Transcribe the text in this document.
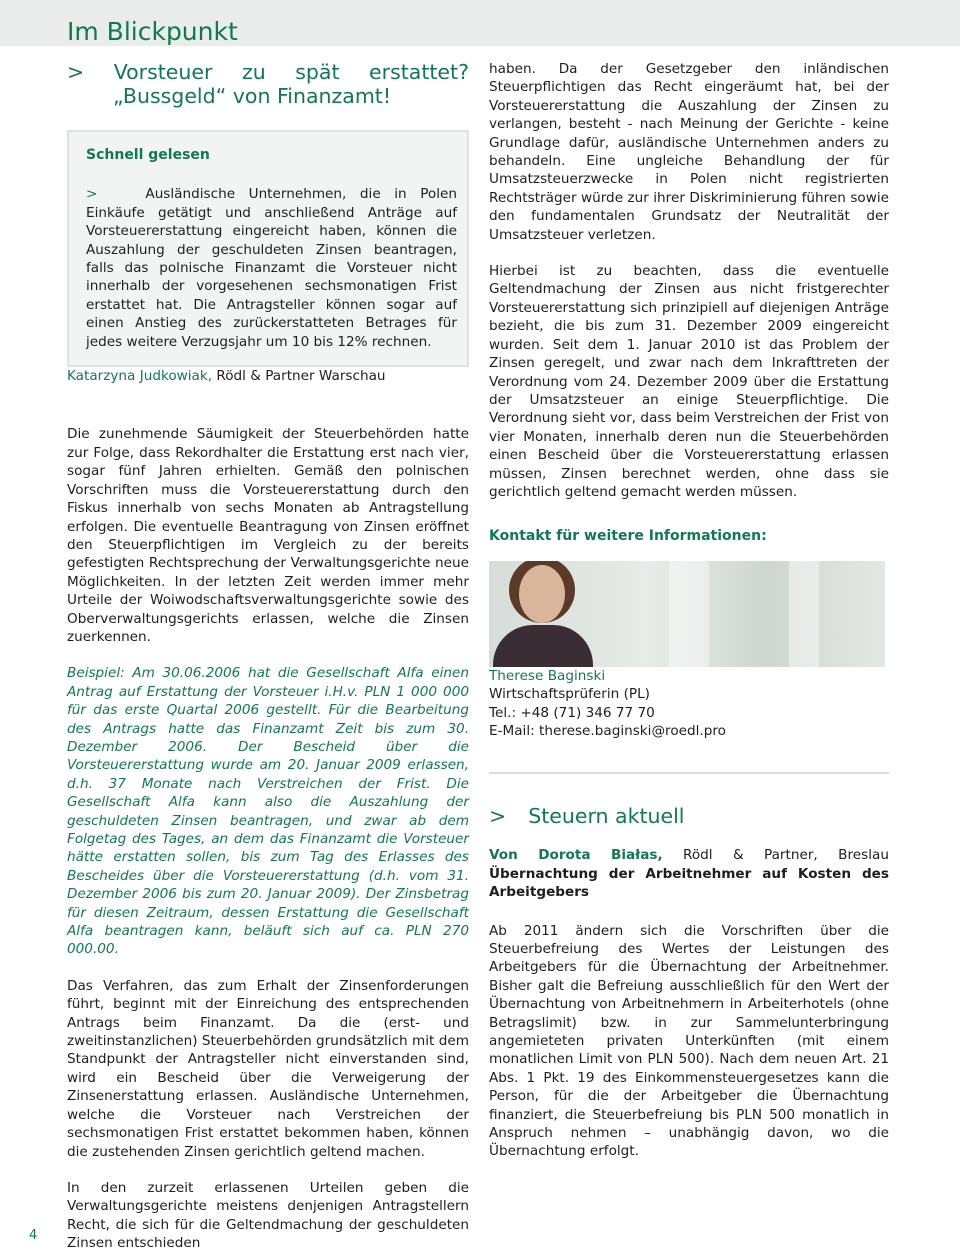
Im Blickpunkt
> Vorsteuer zu spät erstattet?
„Bussgeld“ von Finanzamt!
Schnell gelesen

>	Ausländische Unternehmen, die in Polen Einkäufe getätigt und anschließend Anträge auf Vorsteuererstattung eingereicht haben, können die Auszahlung der geschuldeten Zinsen beantragen, falls das polnische Finanzamt die Vorsteuer nicht innerhalb der vorgesehenen sechsmonatigen Frist erstattet hat. Die Antragsteller können sogar auf einen Anstieg des zurückerstatteten Betrages für jedes weitere Verzugsjahr um 10 bis 12% rechnen.

Katarzyna Judkowiak, Rödl & Partner Warschau

Die zunehmende Säumigkeit der Steuerbehörden hatte zur Folge, dass Rekordhalter die Erstattung erst nach vier, sogar fünf Jahren erhielten. Gemäß den polnischen Vorschriften muss die Vorsteuererstattung durch den Fiskus innerhalb von sechs Monaten ab Antragstellung erfolgen. Die eventuelle Beantragung von Zinsen eröffnet den Steuerpflichtigen im Vergleich zu der bereits gefestigten Rechtsprechung der Verwaltungsgerichte neue Möglichkeiten. In der letzten Zeit werden immer mehr Urteile der Woiwodschaftsverwaltungsgerichte sowie des Oberverwaltungsgerichts erlassen, welche die Zinsen zuerkennen.

Beispiel: Am 30.06.2006 hat die Gesellschaft Alfa einen Antrag auf Erstattung der Vorsteuer i.H.v. PLN 1 000 000 für das erste Quartal 2006 gestellt. Für die Bearbeitung des Antrags hatte das Finanzamt Zeit bis zum 30. Dezember 2006. Der Bescheid über die Vorsteuererstattung wurde am 20. Januar 2009 erlassen, d.h. 37 Monate nach Verstreichen der Frist. Die Gesellschaft Alfa kann also die Auszahlung der geschuldeten Zinsen beantragen, und zwar ab dem Folgetag des Tages, an dem das Finanzamt die Vorsteuer hätte erstatten sollen, bis zum Tag des Erlasses des Bescheides über die Vorsteuererstattung (d.h. vom 31. Dezember 2006 bis zum 20. Januar 2009). Der Zinsbetrag für diesen Zeitraum, dessen Erstattung die Gesellschaft Alfa beantragen kann, beläuft sich auf ca. PLN 270 000.00.

Das Verfahren, das zum Erhalt der Zinsenforderungen führt, beginnt mit der Einreichung des entsprechenden Antrags beim Finanzamt. Da die (erst- und zweitinstanzlichen) Steuerbehörden grundsätzlich mit dem Standpunkt der Antragsteller nicht einverstanden sind, wird ein Bescheid über die Verweigerung der Zinsenerstattung erlassen. Ausländische Unternehmen, welche die Vorsteuer nach Verstreichen der sechsmonatigen Frist erstattet bekommen haben, können die zustehenden Zinsen gerichtlich geltend machen.

In den zurzeit erlassenen Urteilen geben die Verwaltungsgerichte meistens denjenigen Antragstellern Recht, die sich für die Geltendmachung der geschuldeten Zinsen entschieden

haben. Da der Gesetzgeber den inländischen Steuerpflichtigen das Recht eingeräumt hat, bei der Vorsteuererstattung die Auszahlung der Zinsen zu verlangen, besteht - nach Meinung der Gerichte - keine Grundlage dafür, ausländische Unternehmen anders zu behandeln. Eine ungleiche Behandlung der für Umsatzsteuerzwecke in Polen nicht registrierten Rechtsträger würde zur ihrer Diskriminierung führen sowie den fundamentalen Grundsatz der Neutralität der Umsatzsteuer verletzen.

Hierbei ist zu beachten, dass die eventuelle Geltendmachung der Zinsen aus nicht fristgerechter Vorsteuererstattung sich prinzipiell auf diejenigen Anträge bezieht, die bis zum 31. Dezember 2009 eingereicht wurden. Seit dem 1. Januar 2010 ist das Problem der Zinsen geregelt, und zwar nach dem Inkrafttreten der Verordnung vom 24. Dezember 2009 über die Erstattung der Umsatzsteuer an einige Steuerpflichtige. Die Verordnung sieht vor, dass beim Verstreichen der Frist von vier Monaten, innerhalb deren nun die Steuerbehörden einen Bescheid über die Vorsteuererstattung erlassen müssen, Zinsen berechnet werden, ohne dass sie gerichtlich geltend gemacht werden müssen.

Kontakt für weitere Informationen:

Therese Baginski

Wirtschaftsprüferin (PL)

Tel.: +48 (71) 346 77 70

E-Mail: therese.baginski@roedl.pro

> Steuern aktuell
Von Dorota Białas, Rödl & Partner, Breslau

Übernachtung der Arbeitnehmer auf Kosten des Arbeitgebers

Ab 2011 ändern sich die Vorschriften über die Steuerbefreiung des Wertes der Leistungen des Arbeitgebers für die Übernachtung der Arbeitnehmer. Bisher galt die Befreiung ausschließlich für den Wert der Übernachtung von Arbeitnehmern in Arbeiterhotels (ohne Betragslimit) bzw. in zur Sammelunterbringung angemieteten privaten Unterkünften (mit einem monatlichen Limit von PLN 500). Nach dem neuen Art. 21 Abs. 1 Pkt. 19 des Einkommensteuergesetzes kann die Person, für die der Arbeitgeber die Übernachtung finanziert, die Steuerbefreiung bis PLN 500 monatlich in Anspruch nehmen – unabhängig davon, wo die Übernachtung erfolgt.

4
